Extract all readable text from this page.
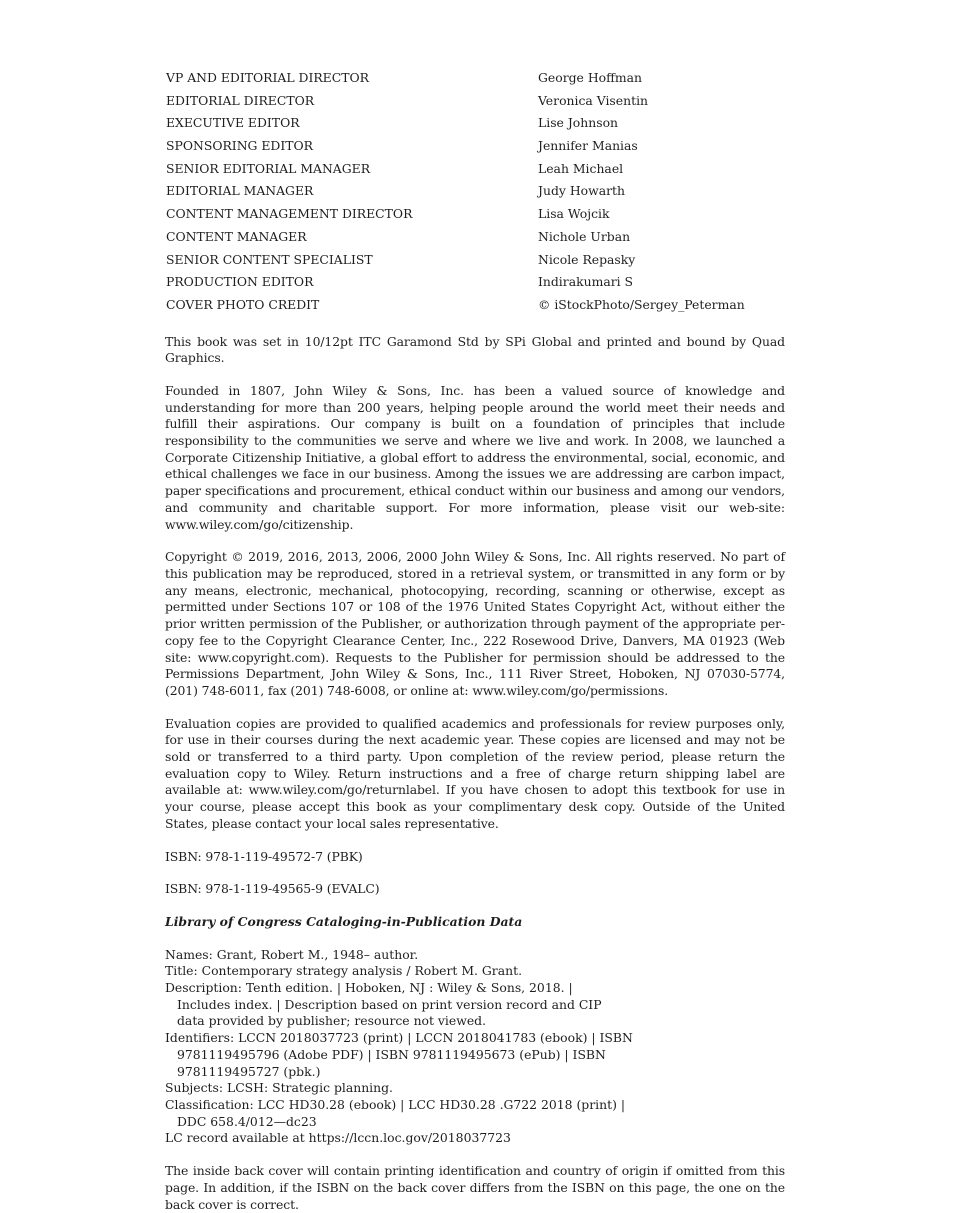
VP AND EDITORIAL DIRECTOR	George Hoffman
EDITORIAL DIRECTOR	Veronica Visentin
EXECUTIVE EDITOR	Lise Johnson
SPONSORING EDITOR	Jennifer Manias
SENIOR EDITORIAL MANAGER	Leah Michael
EDITORIAL MANAGER	Judy Howarth
CONTENT MANAGEMENT DIRECTOR	Lisa Wojcik
CONTENT MANAGER	Nichole Urban
SENIOR CONTENT SPECIALIST	Nicole Repasky
PRODUCTION EDITOR	Indirakumari S
COVER PHOTO CREDIT	© iStockPhoto/Sergey_Peterman

This book was set in 10/12pt ITC Garamond Std by SPi Global and printed and bound by Quad Graphics.

Founded in 1807, John Wiley & Sons, Inc. has been a valued source of knowledge and understanding for more than 200 years, helping people around the world meet their needs and fulfill their aspirations. Our company is built on a foundation of principles that include responsibility to the communities we serve and where we live and work. In 2008, we launched a Corporate Citizenship Initiative, a global effort to address the environmental, social, economic, and ethical challenges we face in our business. Among the issues we are addressing are carbon impact, paper specifications and procurement, ethical conduct within our business and among our vendors, and community and charitable support. For more information, please visit our web-site: www.wiley.com/go/citizenship.

Copyright © 2019, 2016, 2013, 2006, 2000 John Wiley & Sons, Inc. All rights reserved. No part of this publication may be reproduced, stored in a retrieval system, or transmitted in any form or by any means, electronic, mechanical, photocopying, recording, scanning or otherwise, except as permitted under Sections 107 or 108 of the 1976 United States Copyright Act, without either the prior written permission of the Publisher, or authorization through payment of the appropriate per-copy fee to the Copyright Clearance Center, Inc., 222 Rosewood Drive, Danvers, MA 01923 (Web site: www.copyright.com). Requests to the Publisher for permission should be addressed to the Permissions Department, John Wiley & Sons, Inc., 111 River Street, Hoboken, NJ 07030-5774, (201) 748-6011, fax (201) 748-6008, or online at: www.wiley.com/go/permissions.

Evaluation copies are provided to qualified academics and professionals for review purposes only, for use in their courses during the next academic year. These copies are licensed and may not be sold or transferred to a third party. Upon completion of the review period, please return the evaluation copy to Wiley. Return instructions and a free of charge return shipping label are available at: www.wiley.com/go/returnlabel. If you have chosen to adopt this textbook for use in your course, please accept this book as your complimentary desk copy. Outside of the United States, please contact your local sales representative.

ISBN: 978-1-119-49572-7 (PBK)

ISBN: 978-1-119-49565-9 (EVALC)

Library of Congress Cataloging-in-Publication Data
Names: Grant, Robert M., 1948– author.
Title: Contemporary strategy analysis / Robert M. Grant.
Description: Tenth edition. | Hoboken, NJ : Wiley & Sons, 2018. | Includes index. | Description based on print version record and CIP data provided by publisher; resource not viewed.
Identifiers: LCCN 2018037723 (print) | LCCN 2018041783 (ebook) | ISBN 9781119495796 (Adobe PDF) | ISBN 9781119495673 (ePub) | ISBN 9781119495727 (pbk.)
Subjects: LCSH: Strategic planning.
Classification: LCC HD30.28 (ebook) | LCC HD30.28 .G722 2018 (print) | DDC 658.4/012—dc23
LC record available at https://lccn.loc.gov/2018037723

The inside back cover will contain printing identification and country of origin if omitted from this page. In addition, if the ISBN on the back cover differs from the ISBN on this page, the one on the back cover is correct.
